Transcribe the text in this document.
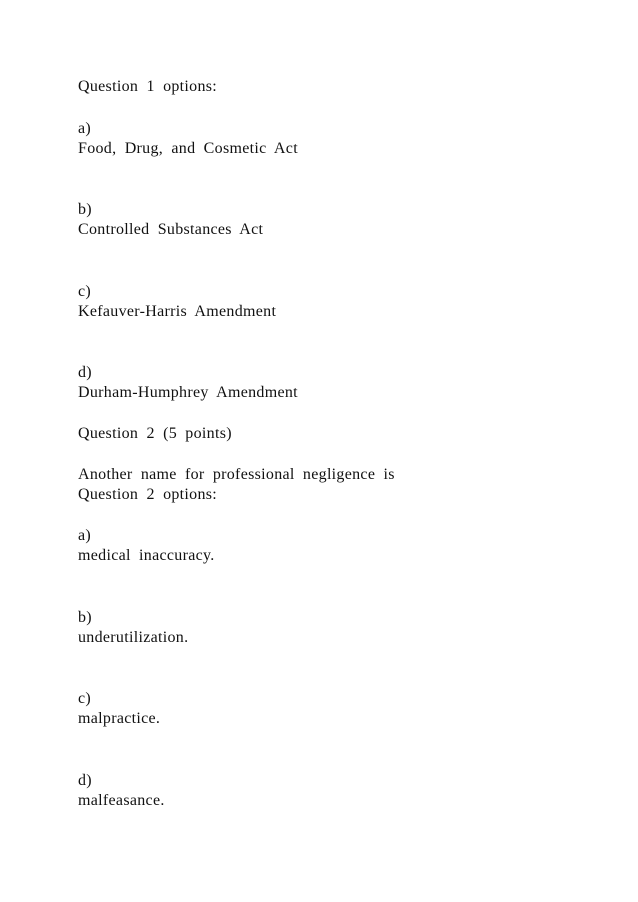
Question 1 options:
a)
Food, Drug, and Cosmetic Act
b)
Controlled Substances Act
c)
Kefauver-Harris Amendment
d)
Durham-Humphrey Amendment
Question 2 (5 points)
Another name for professional negligence is
Question 2 options:
a)
medical inaccuracy.
b)
underutilization.
c)
malpractice.
d)
malfeasance.
